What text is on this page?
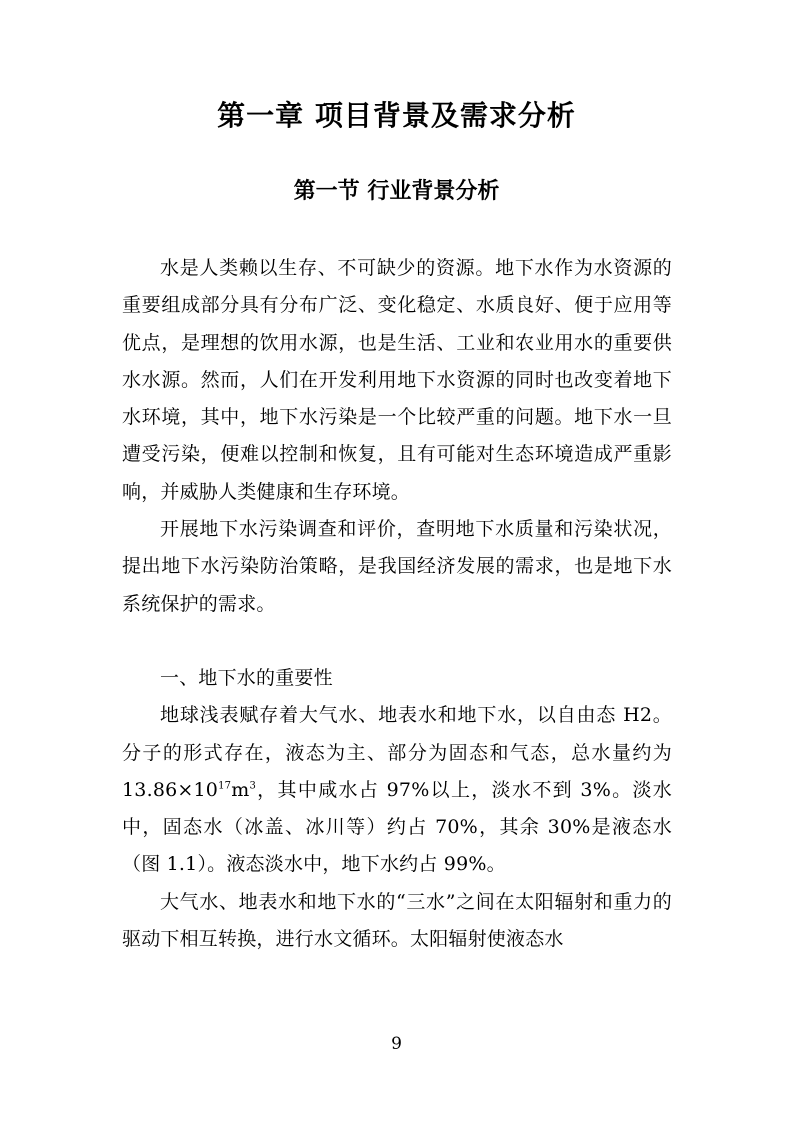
第一章 项目背景及需求分析
第一节 行业背景分析

水是人类赖以生存、不可缺少的资源。地下水作为水资源的重要组成部分具有分布广泛、变化稳定、水质良好、便于应用等优点，是理想的饮用水源，也是生活、工业和农业用水的重要供水水源。然而，人们在开发利用地下水资源的同时也改变着地下水环境，其中，地下水污染是一个比较严重的问题。地下水一旦遭受污染，便难以控制和恢复，且有可能对生态环境造成严重影响，并威胁人类健康和生存环境。

开展地下水污染调查和评价，查明地下水质量和污染状况，提出地下水污染防治策略，是我国经济发展的需求，也是地下水系统保护的需求。

一、地下水的重要性

地球浅表赋存着大气水、地表水和地下水，以自由态 H2。分子的形式存在，液态为主、部分为固态和气态，总水量约为 $13.86\times 10^{17}m^3$，其中咸水占 97%以上，淡水不到 3%。淡水中，固态水（冰盖、冰川等）约占 70%，其余 30%是液态水（图 1.1）。液态淡水中，地下水约占 99%。

大气水、地表水和地下水的“三水”之间在太阳辐射和重力的驱动下相互转换，进行水文循环。太阳辐射使液态水

9
